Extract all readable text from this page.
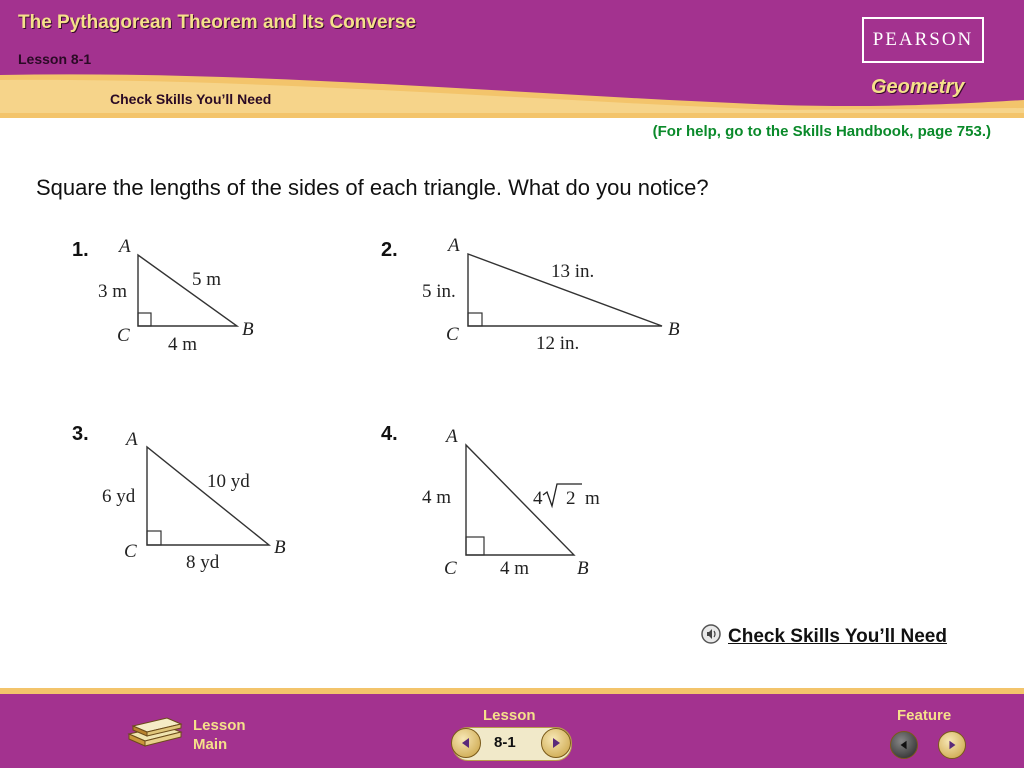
The Pythagorean Theorem and Its Converse
Lesson 8-1
Check Skills You’ll Need
PEARSON
Geometry
(For help, go to the Skills Handbook, page 753.)
Square the lengths of the sides of each triangle. What do you notice?
1.	2.
3.	4.
A
B
C
3 m
4 m
5 m
A
B
C
5 in.
12 in.
13 in.
A
B
C
6 yd
8 yd
10 yd
A
B
C
4 m
4 m
4 2 m
Check Skills You’ll Need
Lesson
Main
Lesson
8-1
Feature
